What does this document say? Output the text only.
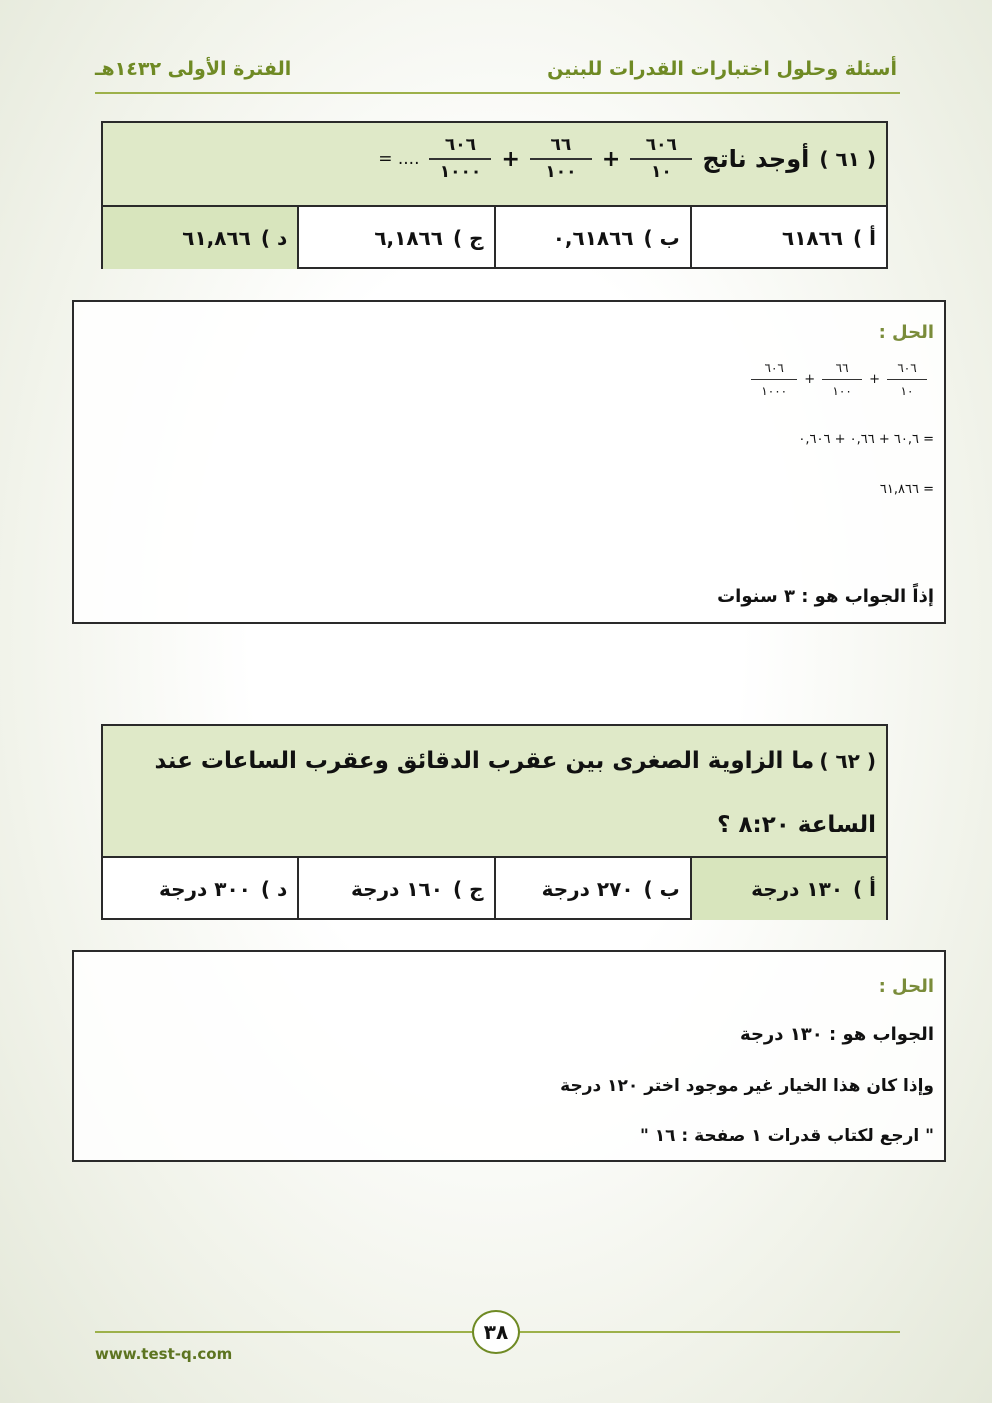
أسئلة وحلول اختبارات القدرات للبنين
الفترة الأولى ١٤٣٢هـ
( ٦١ )
أوجد ناتج
$\frac{٦٠٦}{١٠}$
+
$\frac{٦٦}{١٠٠}$
+
$\frac{٦٠٦}{١٠٠٠}$
= ....
أ )
٦١٨٦٦
ب )
٠,٦١٨٦٦
ج )
٦,١٨٦٦
د )
٦١,٨٦٦
الحل :
٦٠٦
١٠
+
٦٦
١٠٠
+
٦٠٦
١٠٠٠
= ٦٠,٦ + ٠,٦٦ + ٠,٦٠٦
= ٦١,٨٦٦
إذاً الجواب هو : ٣ سنوات
( ٦٢ ) ما الزاوية الصغرى بين عقرب الدقائق وعقرب الساعات عند
الساعة ٨:٢٠ ؟
أ )
١٣٠ درجة
ب )
٢٧٠ درجة
ج )
١٦٠ درجة
د )
٣٠٠ درجة
الحل :
الجواب هو : ١٣٠ درجة
وإذا كان هذا الخيار غير موجود اختر ١٢٠ درجة
" ارجع لكتاب قدرات ١ صفحة : ١٦ "
٣٨
www.test-q.com
